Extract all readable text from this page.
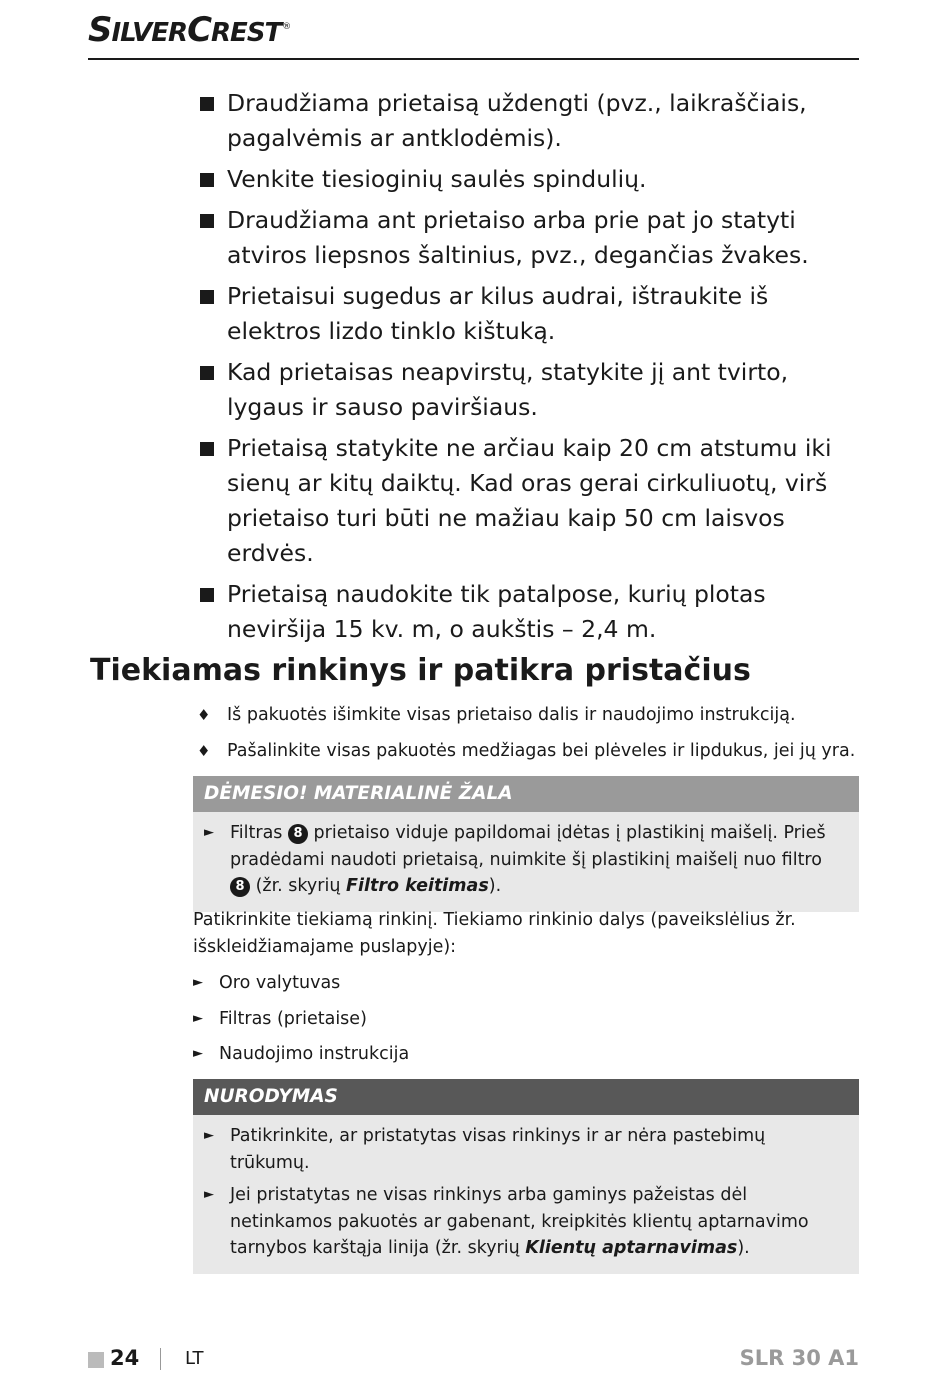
SILVERCREST®
Draudžiama prietaisą uždengti (pvz., laikraščiais, pagalvėmis ar antklodėmis).
Venkite tiesioginių saulės spindulių.
Draudžiama ant prietaiso arba prie pat jo statyti atviros liepsnos šaltinius, pvz., degančias žvakes.
Prietaisui sugedus ar kilus audrai, ištraukite iš elektros lizdo tinklo kištuką.
Kad prietaisas neapvirstų, statykite jį ant tvirto, lygaus ir sauso paviršiaus.
Prietaisą statykite ne arčiau kaip 20 cm atstumu iki sienų ar kitų daiktų. Kad oras gerai cirkuliuotų, virš prietaiso turi būti ne mažiau kaip 50 cm laisvos erdvės.
Prietaisą naudokite tik patalpose, kurių plotas neviršija 15 kv. m, o aukštis – 2,4 m.
Tiekiamas rinkinys ir patikra pristačius
♦ Iš pakuotės išimkite visas prietaiso dalis ir naudojimo instrukciją.
♦ Pašalinkite visas pakuotės medžiagas bei plėveles ir lipdukus, jei jų yra.
DĖMESIO! MATERIALINĖ ŽALA
► Filtras 8 prietaiso viduje papildomai įdėtas į plastikinį maišelį. Prieš pradėdami naudoti prietaisą, nuimkite šį plastikinį maišelį nuo filtro 8 (žr. skyrių Filtro keitimas).
Patikrinkite tiekiamą rinkinį. Tiekiamo rinkinio dalys (paveikslėlius žr. išskleidžiamajame puslapyje):
► Oro valytuvas
► Filtras (prietaise)
► Naudojimo instrukcija
NURODYMAS
► Patikrinkite, ar pristatytas visas rinkinys ir ar nėra pastebimų trūkumų.
► Jei pristatytas ne visas rinkinys arba gaminys pažeistas dėl netinkamos pakuotės ar gabenant, kreipkitės klientų aptarnavimo tarnybos karštąja linija (žr. skyrių Klientų aptarnavimas).
24	LT	SLR 30 A1
